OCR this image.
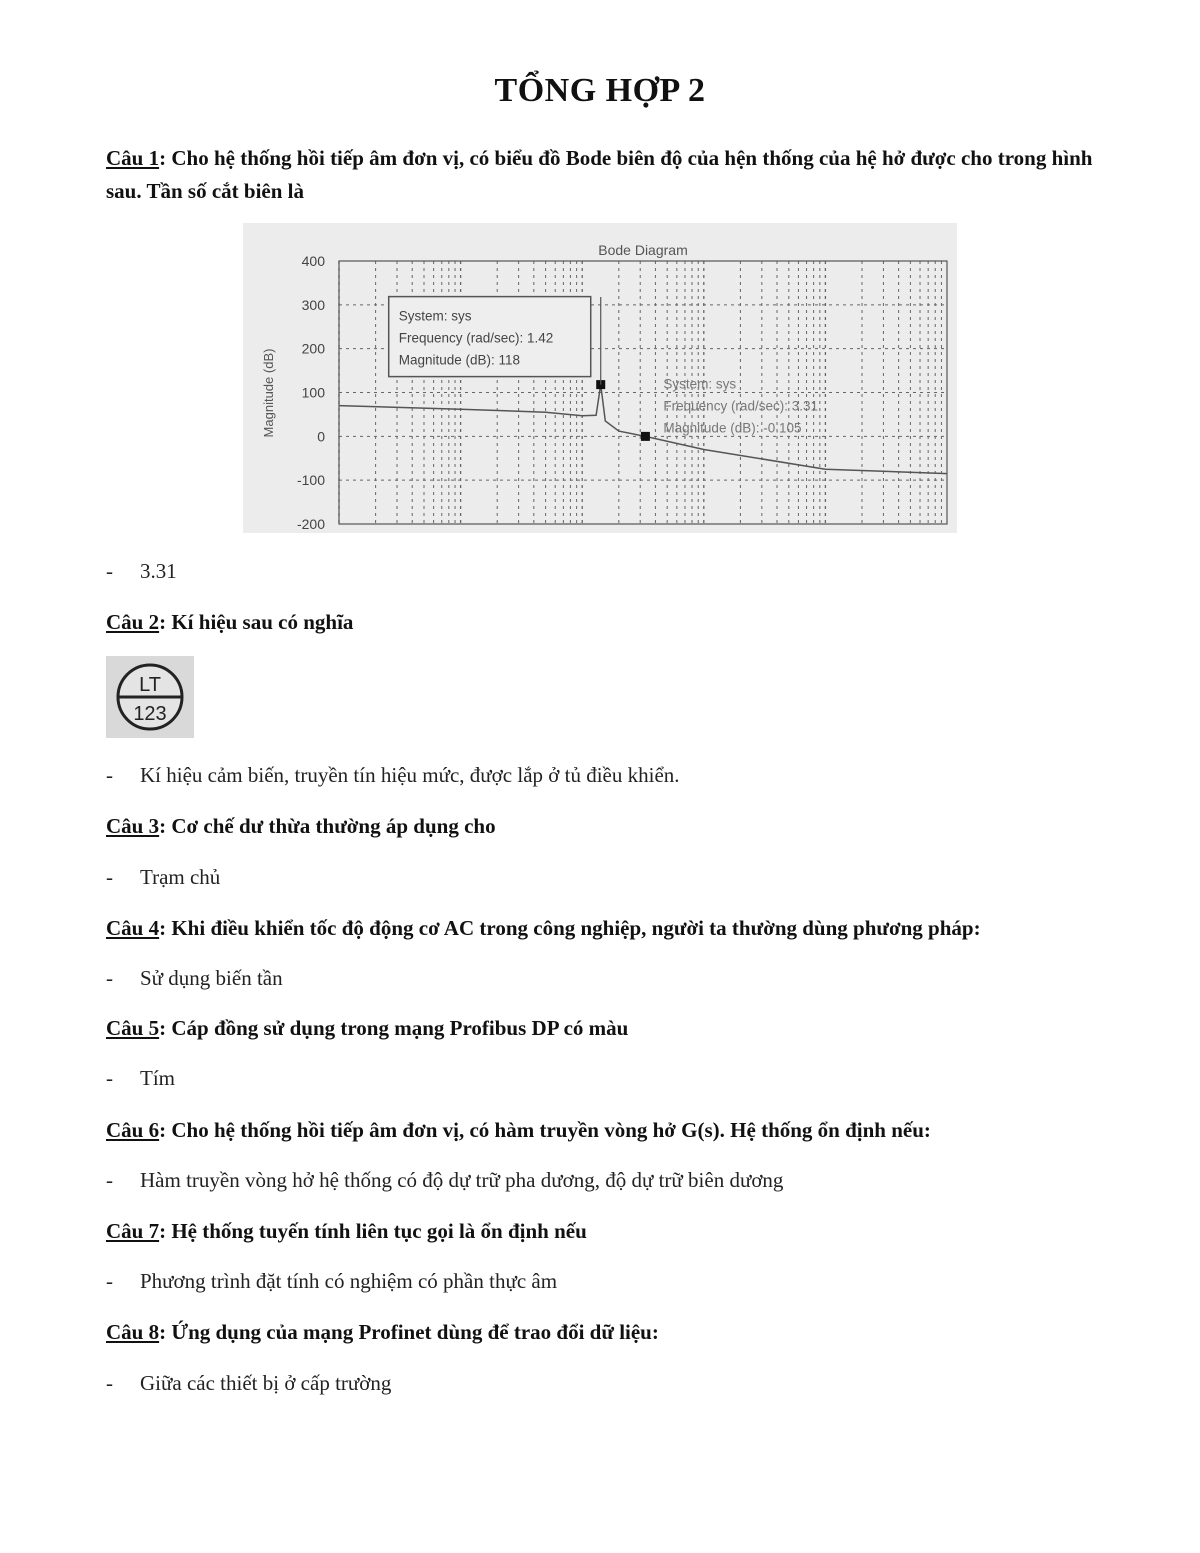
TỔNG HỢP 2
Câu 1: Cho hệ thống hồi tiếp âm đơn vị, có biểu đồ Bode biên độ của hện thống của hệ hở được cho trong hình sau. Tần số cắt biên là
Bode Diagram
Magnitude (dB)
400
300
200
100
0
-100
-200
System: sys
Frequency (rad/sec): 1.42
Magnitude (dB): 118
System: sys
Frequency (rad/sec): 3.31
Magnitude (dB): -0.105
- 3.31
Câu 2: Kí hiệu sau có nghĩa
LT
123
- Kí hiệu cảm biến, truyền tín hiệu mức, được lắp ở tủ điều khiển.
Câu 3: Cơ chế dư thừa thường áp dụng cho
- Trạm chủ
Câu 4: Khi điều khiển tốc độ động cơ AC trong công nghiệp, người ta thường dùng phương pháp:
- Sử dụng biến tần
Câu 5: Cáp đồng sử dụng trong mạng Profibus DP có màu
- Tím
Câu 6: Cho hệ thống hồi tiếp âm đơn vị, có hàm truyền vòng hở G(s). Hệ thống ổn định nếu:
- Hàm truyền vòng hở hệ thống có độ dự trữ pha dương, độ dự trữ biên dương
Câu 7: Hệ thống tuyến tính liên tục gọi là ổn định nếu
- Phương trình đặt tính có nghiệm có phần thực âm
Câu 8: Ứng dụng của mạng Profinet dùng để trao đổi dữ liệu:
- Giữa các thiết bị ở cấp trường
